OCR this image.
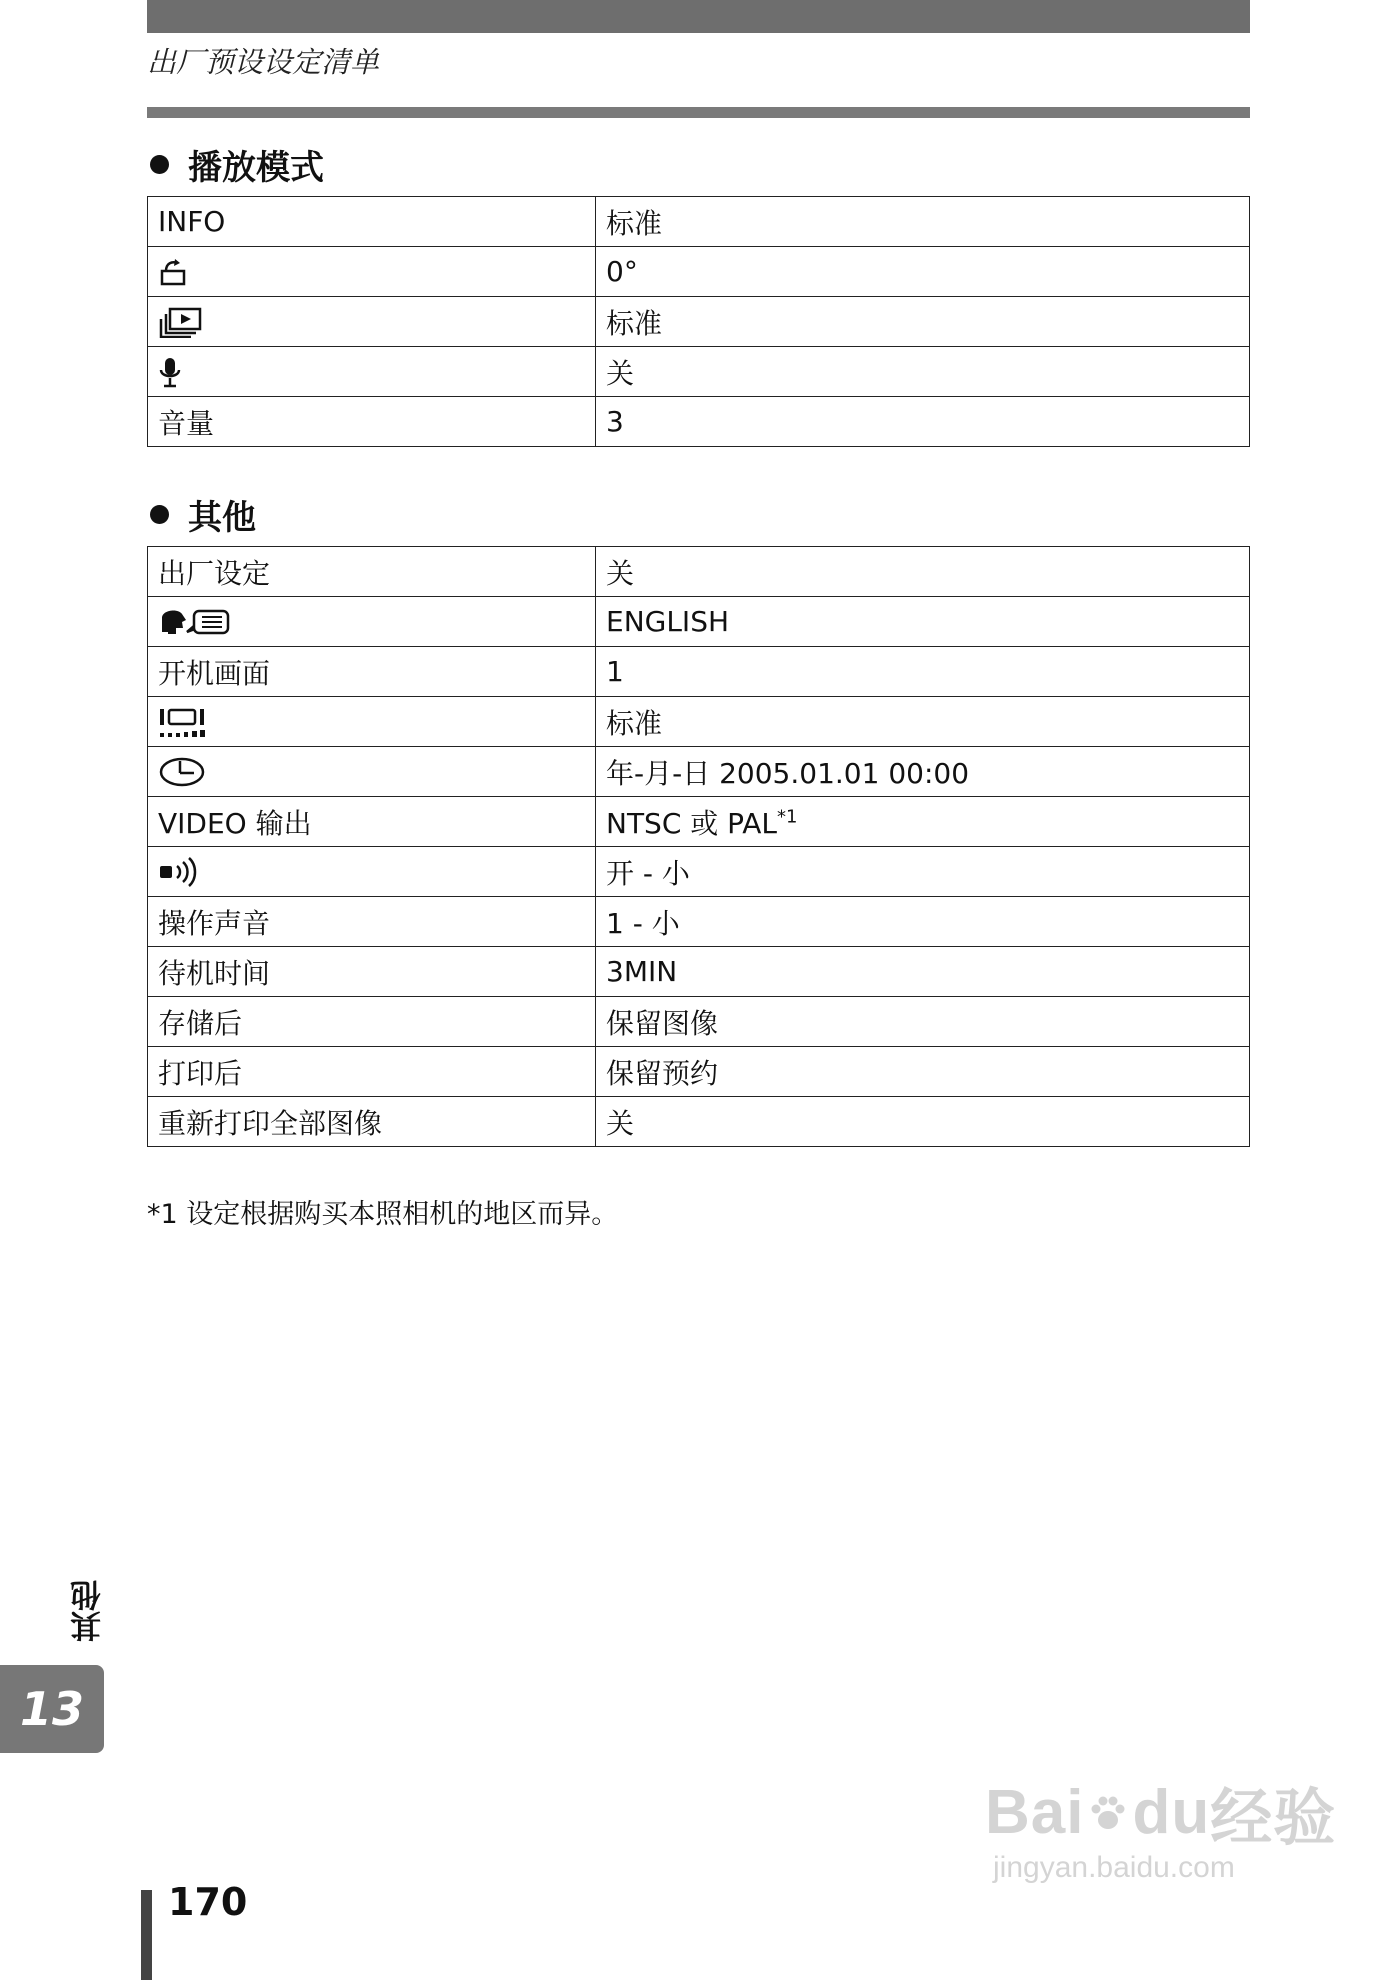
出厂预设设定清单
播放模式
INFO	标准

	0°

	标准

	关
音量	3
其他
出厂设定	关

	ENGLISH
开机画面	1

	标准

	年-月-日 2005.01.01 00:00
VIDEO 输出	NTSC 或 PAL$^{*1}$

	开 - 小
操作声音	1 - 小
待机时间	3MIN
存储后	保留图像
打印后	保留预约
重新打印全部图像	关
*1 设定根据购买本照相机的地区而异。
其他
13
170
Bai du 经验
jingyan.baidu.com
